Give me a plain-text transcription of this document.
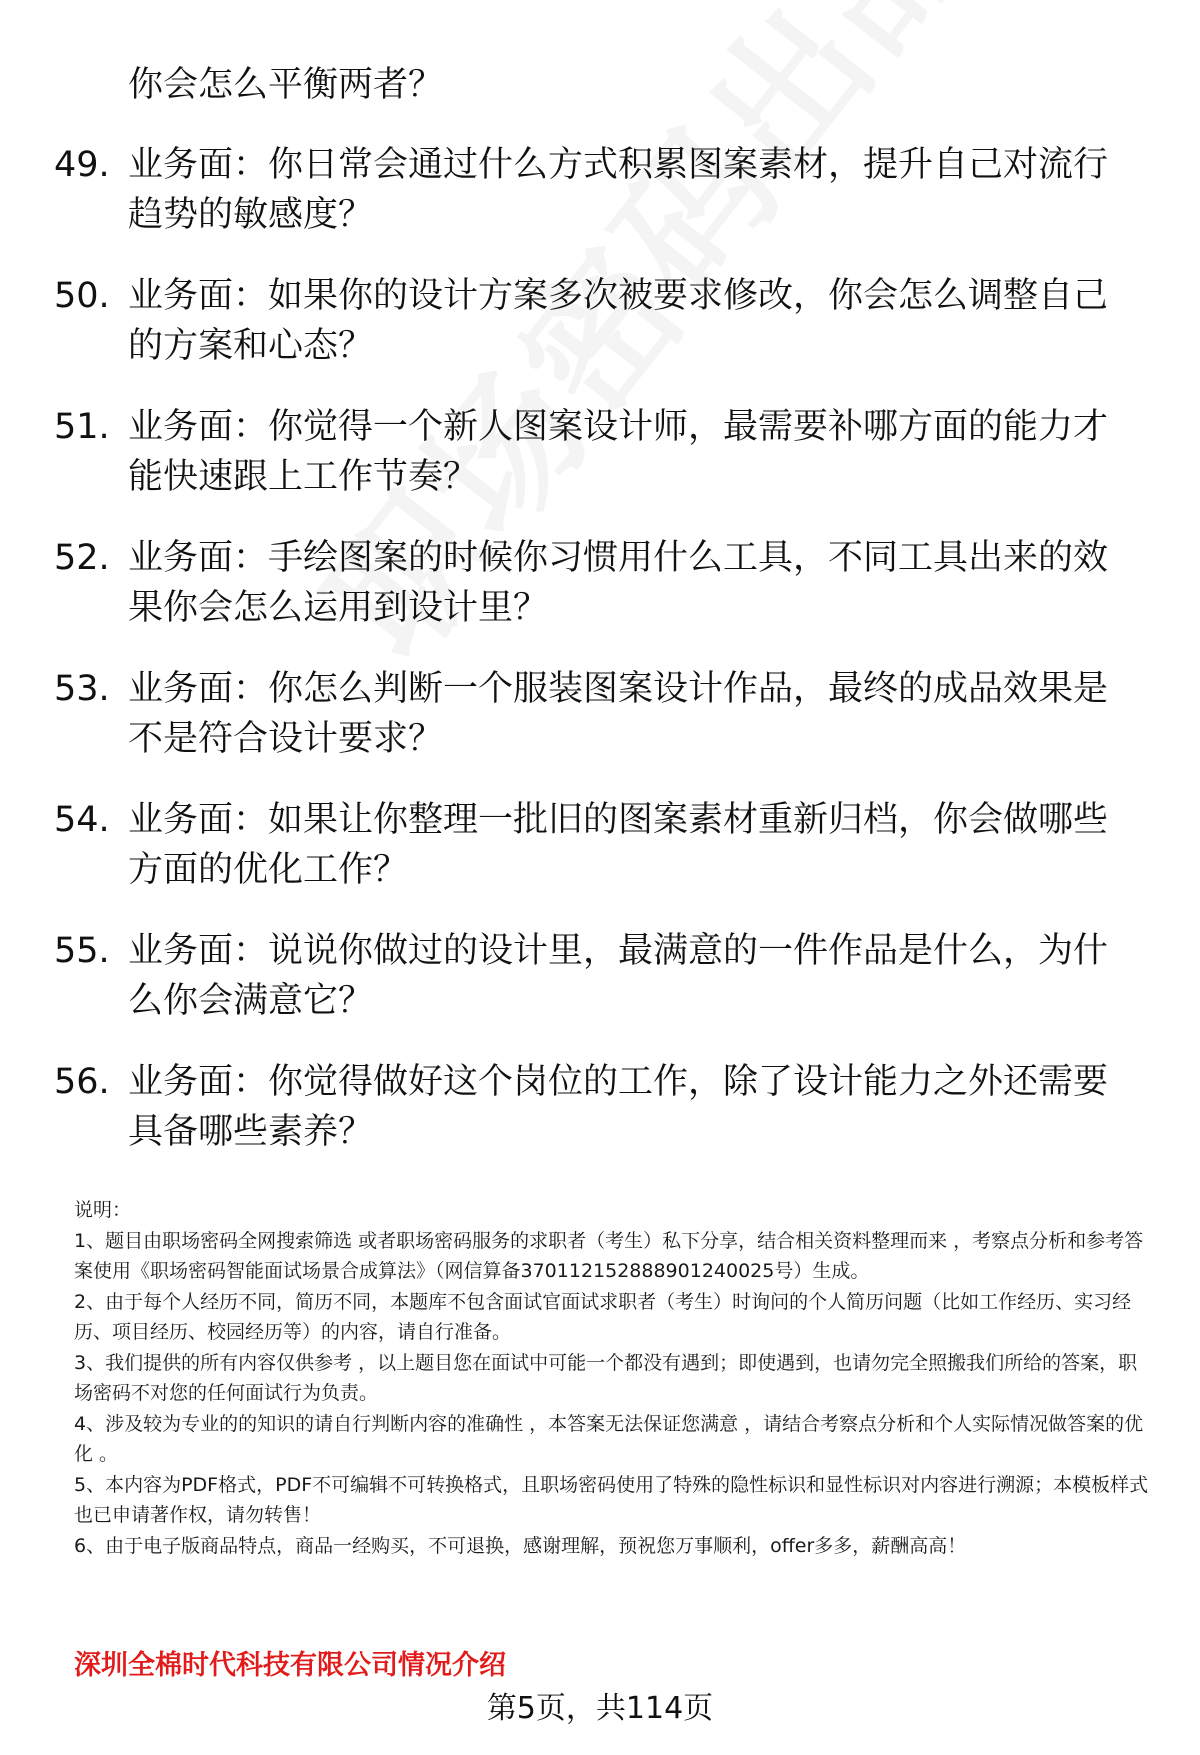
你会怎么平衡两者？
49. 业务面：你日常会通过什么方式积累图案素材，提升自己对流行趋势的敏感度？
50. 业务面：如果你的设计方案多次被要求修改，你会怎么调整自己的方案和心态？
51. 业务面：你觉得一个新人图案设计师，最需要补哪方面的能力才能快速跟上工作节奏？
52. 业务面：手绘图案的时候你习惯用什么工具，不同工具出来的效果你会怎么运用到设计里？
53. 业务面：你怎么判断一个服装图案设计作品，最终的成品效果是不是符合设计要求？
54. 业务面：如果让你整理一批旧的图案素材重新归档，你会做哪些方面的优化工作？
55. 业务面：说说你做过的设计里，最满意的一件作品是什么，为什么你会满意它？
56. 业务面：你觉得做好这个岗位的工作，除了设计能力之外还需要具备哪些素养？
说明：
1、题目由职场密码全网搜索筛选 或者职场密码服务的求职者（考生）私下分享，结合相关资料整理而来 ，考察点分析和参考答案使用《职场密码智能面试场景合成算法》（网信算备370112152888901240025号）生成。
2、由于每个人经历不同，简历不同，本题库不包含面试官面试求职者（考生）时询问的个人简历问题（比如工作经历、实习经历、项目经历、校园经历等）的内容，请自行准备。
3、我们提供的所有内容仅供参考 ，以上题目您在面试中可能一个都没有遇到；即使遇到，也请勿完全照搬我们所给的答案，职场密码不对您的任何面试行为负责。
4、涉及较为专业的的知识的请自行判断内容的准确性 ，本答案无法保证您满意 ，请结合考察点分析和个人实际情况做答案的优化 。
5、本内容为PDF格式，PDF不可编辑不可转换格式，且职场密码使用了特殊的隐性标识和显性标识对内容进行溯源；本模板样式也已申请著作权，请勿转售！
6、由于电子版商品特点，商品一经购买，不可退换，感谢理解，预祝您万事顺利，offer多多，薪酬高高！
深圳全棉时代科技有限公司情况介绍
第5页，共114页
